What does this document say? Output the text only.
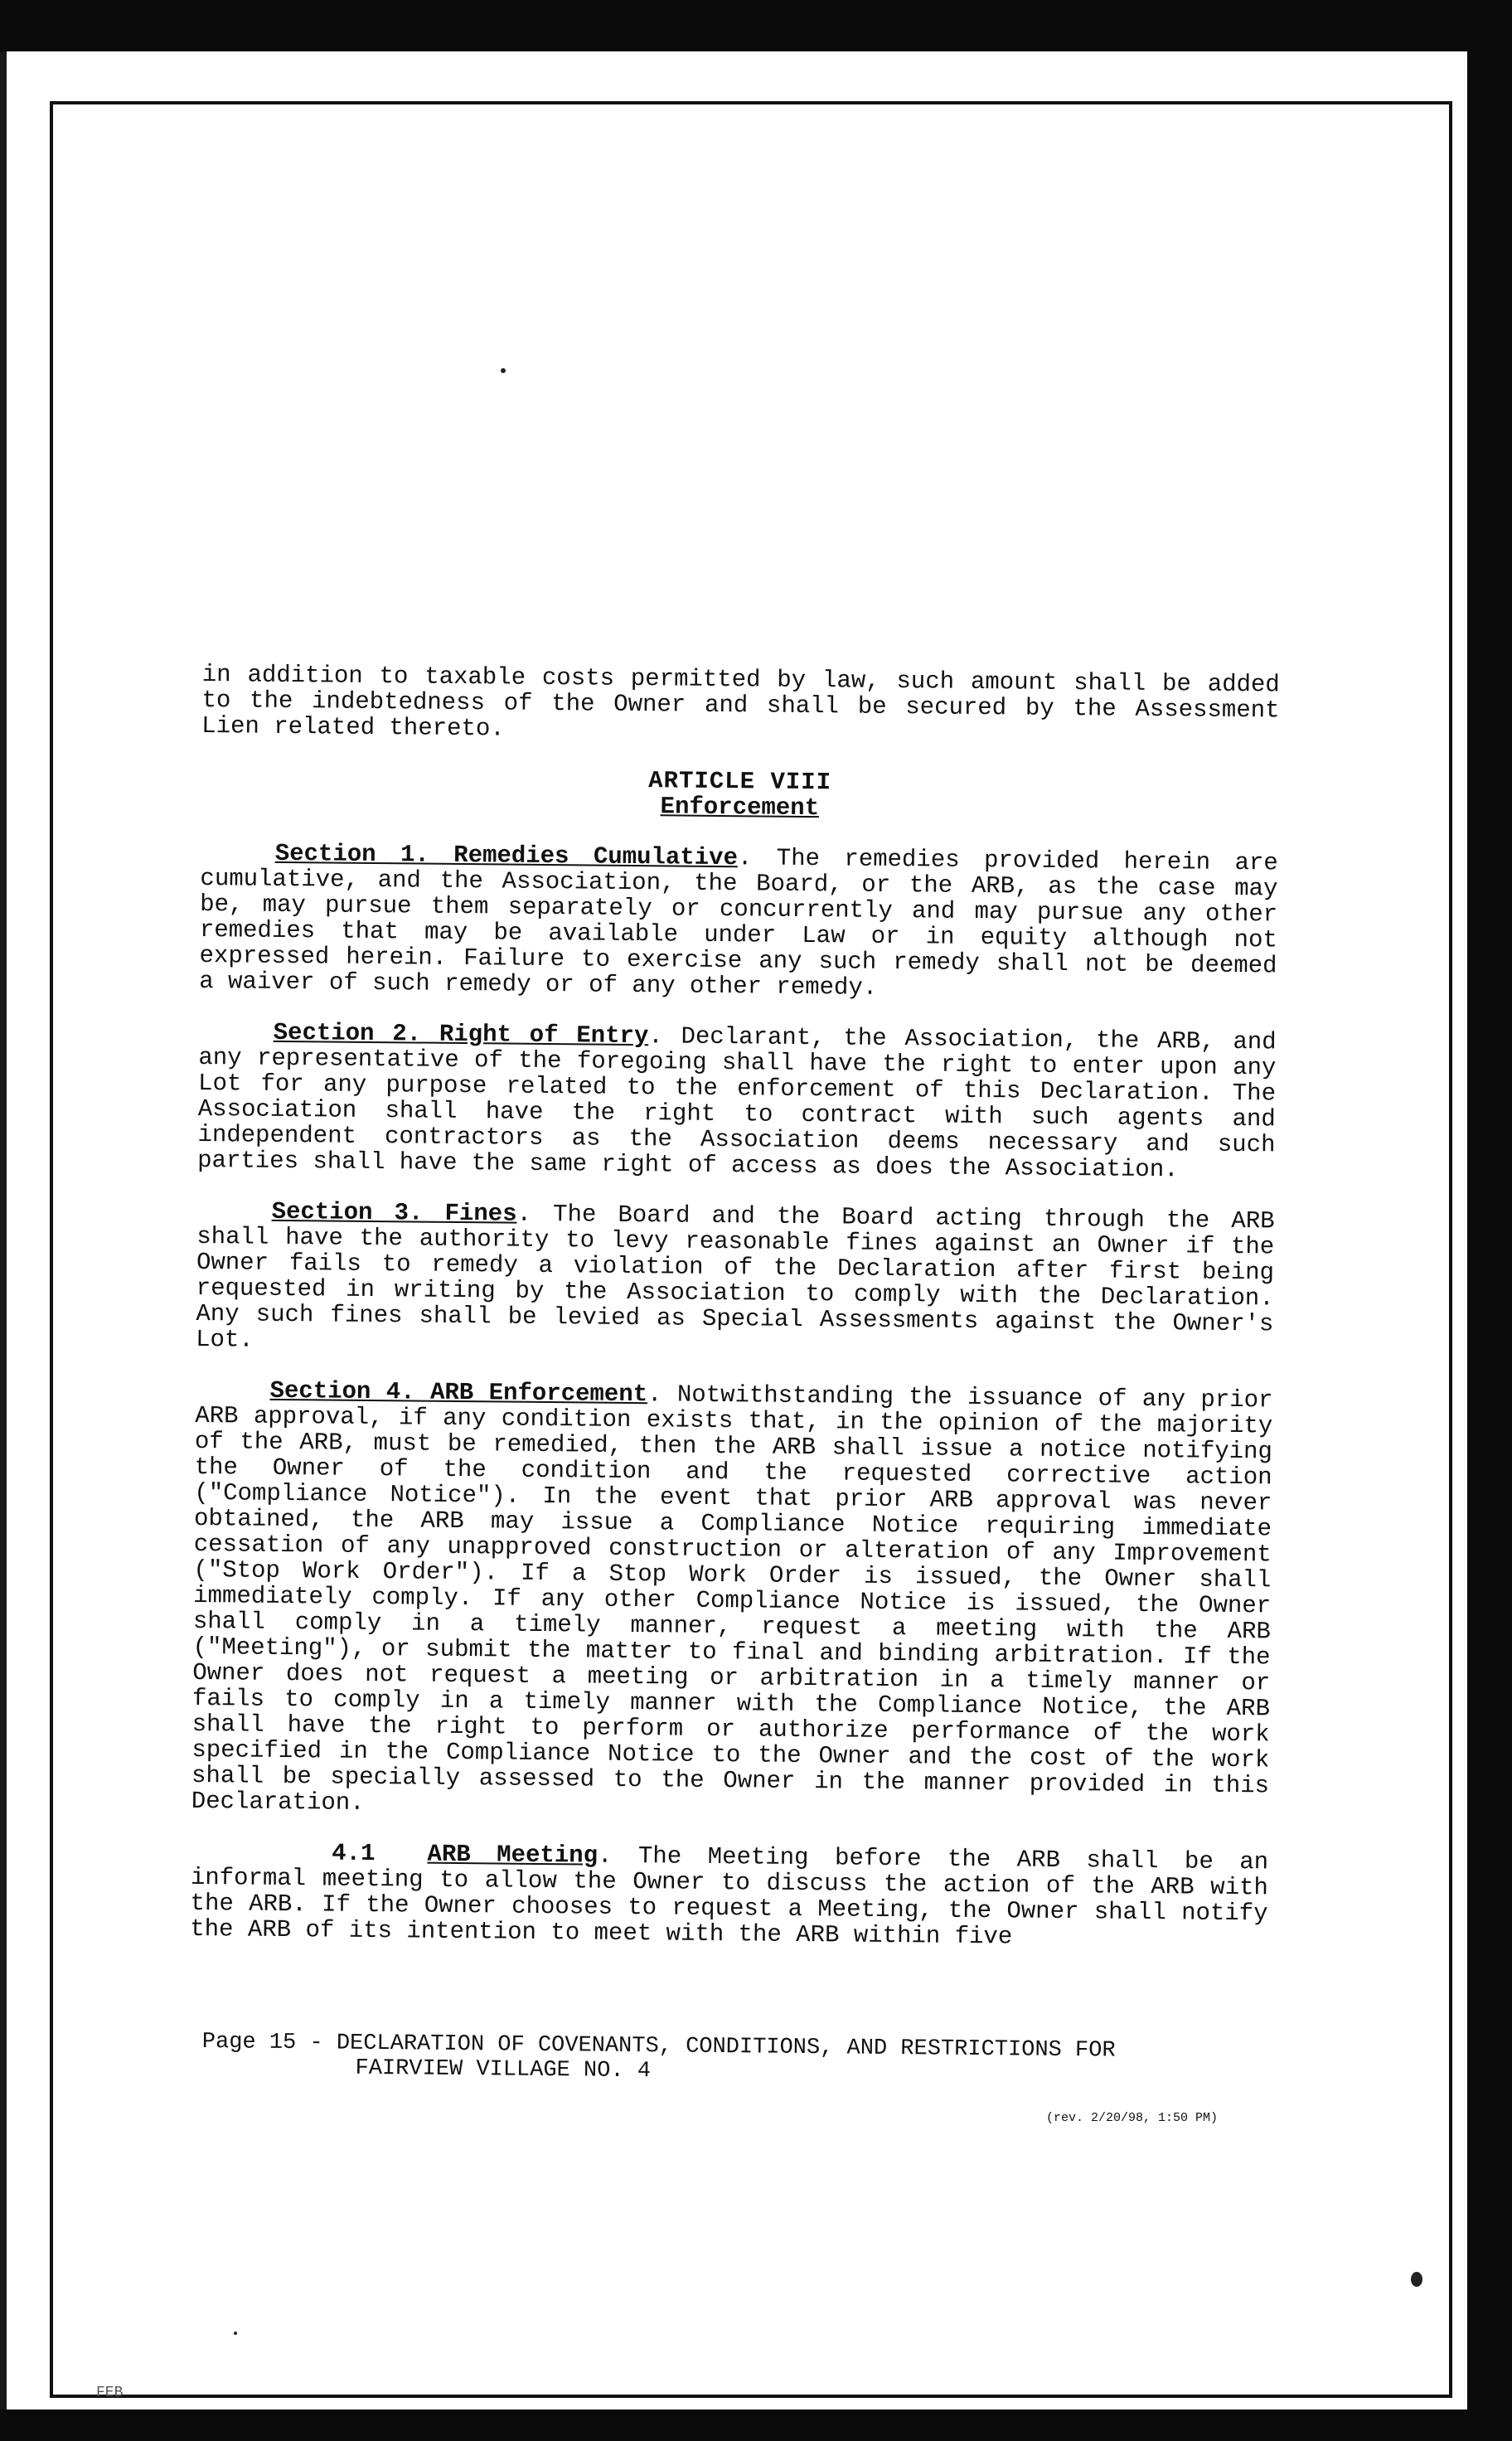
in addition to taxable costs permitted by law, such amount shall be added to the indebtedness of the Owner and shall be secured by the Assessment Lien related thereto.

ARTICLE VIII

Enforcement

Section 1. Remedies Cumulative. The remedies provided herein are cumulative, and the Association, the Board, or the ARB, as the case may be, may pursue them separately or concurrently and may pursue any other remedies that may be available under Law or in equity although not expressed herein. Failure to exercise any such remedy shall not be deemed a waiver of such remedy or of any other remedy.

Section 2. Right of Entry. Declarant, the Association, the ARB, and any representative of the foregoing shall have the right to enter upon any Lot for any purpose related to the enforcement of this Declaration. The Association shall have the right to contract with such agents and independent contractors as the Association deems necessary and such parties shall have the same right of access as does the Association.

Section 3. Fines. The Board and the Board acting through the ARB shall have the authority to levy reasonable fines against an Owner if the Owner fails to remedy a violation of the Declaration after first being requested in writing by the Association to comply with the Declaration. Any such fines shall be levied as Special Assessments against the Owner's Lot.

Section 4. ARB Enforcement. Notwithstanding the issuance of any prior ARB approval, if any condition exists that, in the opinion of the majority of the ARB, must be remedied, then the ARB shall issue a notice notifying the Owner of the condition and the requested corrective action ("Compliance Notice"). In the event that prior ARB approval was never obtained, the ARB may issue a Compliance Notice requiring immediate cessation of any unapproved construction or alteration of any Improvement ("Stop Work Order"). If a Stop Work Order is issued, the Owner shall immediately comply. If any other Compliance Notice is issued, the Owner shall comply in a timely manner, request a meeting with the ARB ("Meeting"), or submit the matter to final and binding arbitration. If the Owner does not request a meeting or arbitration in a timely manner or fails to comply in a timely manner with the Compliance Notice, the ARB shall have the right to perform or authorize performance of the work specified in the Compliance Notice to the Owner and the cost of the work shall be specially assessed to the Owner in the manner provided in this Declaration.

4.1 ARB Meeting. The Meeting before the ARB shall be an informal meeting to allow the Owner to discuss the action of the ARB with the ARB. If the Owner chooses to request a Meeting, the Owner shall notify the ARB of its intention to meet with the ARB within five

Page 15 - DECLARATION OF COVENANTS, CONDITIONS, AND RESTRICTIONS FOR
FAIRVIEW VILLAGE NO. 4
(rev. 2/20/98, 1:50 PM)
FEB
